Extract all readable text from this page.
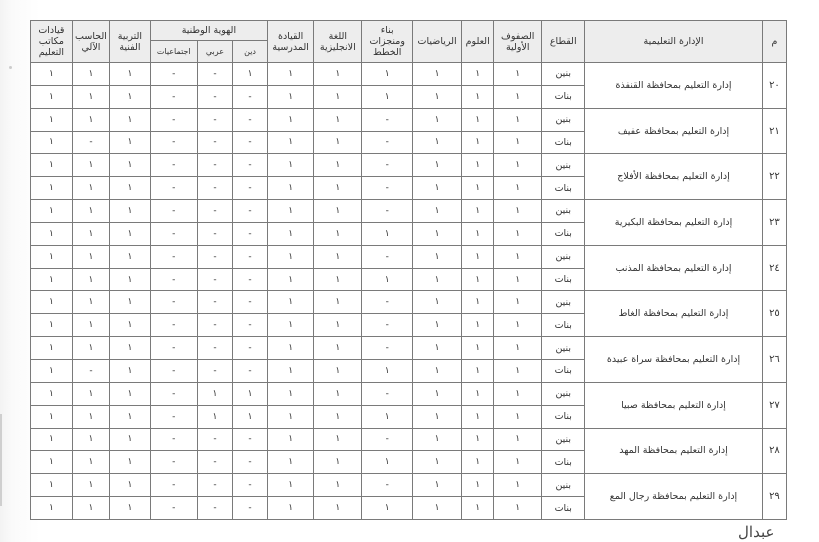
م	الإدارة التعليمية	القطاع	الصفوف الأولية	العلوم	الرياضيات	بناء ومنجزات الخطط	اللغة الانجليزية	القيادة المدرسية	الهوية الوطنية			التربية الفنية	الحاسب الآلي	قيادات مكاتب التعليم
									دين	عربي	اجتماعيات			
٢٠	إدارة التعليم بمحافظة القنفذة	بنين	١	١	١	١	١	١	١	-	-	١	١	١
		بنات	١	١	١	١	١	١	-	-	-	١	١	١
٢١	إدارة التعليم بمحافظة عفيف	بنين	١	١	١	-	١	١	-	-	-	١	١	١
		بنات	١	١	١	-	١	١	-	-	-	١	-	١
٢٢	إدارة التعليم بمحافظة الأفلاج	بنين	١	١	١	-	١	١	-	-	-	١	١	١
		بنات	١	١	١	-	١	١	-	-	-	١	١	١
٢٣	إدارة التعليم بمحافظة البكيرية	بنين	١	١	١	-	١	١	-	-	-	١	١	١
		بنات	١	١	١	١	١	١	-	-	-	١	١	١
٢٤	إدارة التعليم بمحافظة المذنب	بنين	١	١	١	-	١	١	-	-	-	١	١	١
		بنات	١	١	١	١	١	١	-	-	-	١	١	١
٢٥	إدارة التعليم بمحافظة الغاط	بنين	١	١	١	-	١	١	-	-	-	١	١	١
		بنات	١	١	١	-	١	١	-	-	-	١	١	١
٢٦	إدارة التعليم بمحافظة سراة عبيدة	بنين	١	١	١	-	١	١	-	-	-	١	١	١
		بنات	١	١	١	١	١	١	-	-	-	١	-	١
٢٧	إدارة التعليم بمحافظة صبيا	بنين	١	١	١	-	١	١	١	١	-	١	١	١
		بنات	١	١	١	١	١	١	١	١	-	١	١	١
٢٨	إدارة التعليم بمحافظة المهد	بنين	١	١	١	-	١	١	-	-	-	١	١	١
		بنات	١	١	١	١	١	١	-	-	-	١	١	١
٢٩	إدارة التعليم بمحافظة رجال المع	بنين	١	١	١	-	١	١	-	-	-	١	١	١
		بنات	١	١	١	١	١	١	-	-	-	١	١	١
عبدال
